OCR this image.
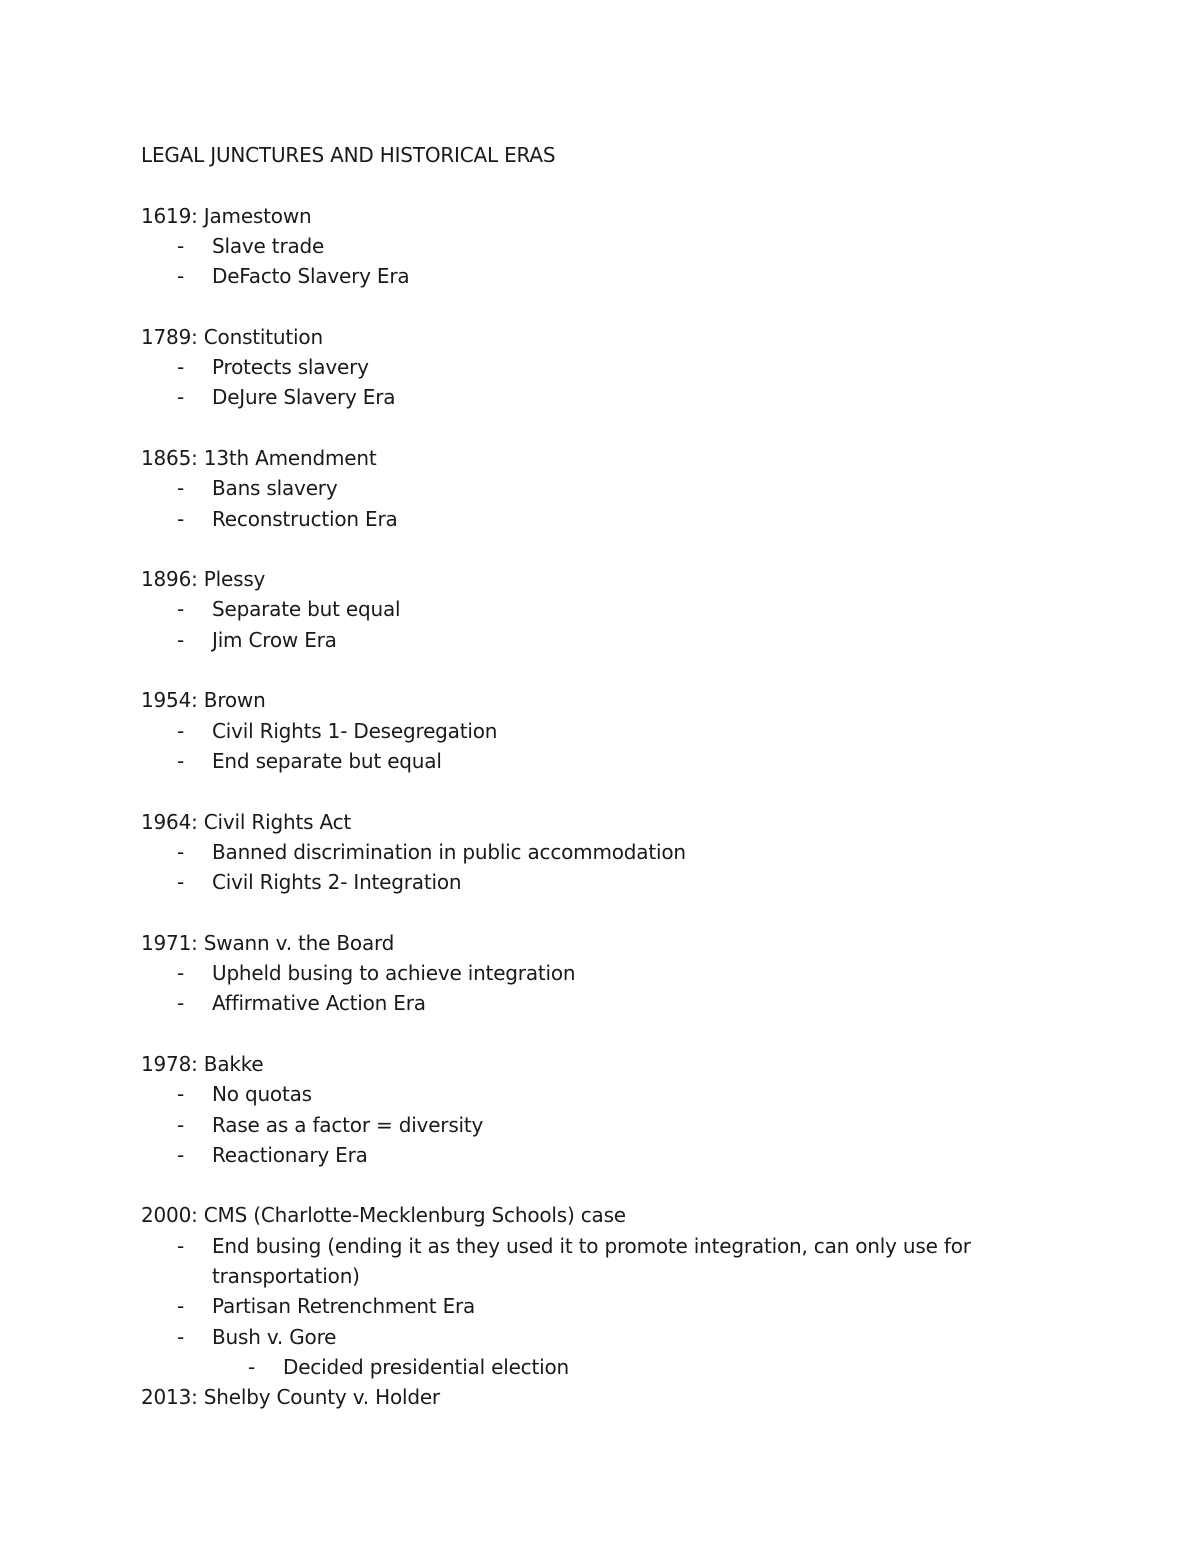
LEGAL JUNCTURES AND HISTORICAL ERAS
1619: Jamestown
- Slave trade
- DeFacto Slavery Era
1789: Constitution
- Protects slavery
- DeJure Slavery Era
1865: 13th Amendment
- Bans slavery
- Reconstruction Era
1896: Plessy
- Separate but equal
- Jim Crow Era
1954: Brown
- Civil Rights 1- Desegregation
- End separate but equal
1964: Civil Rights Act
- Banned discrimination in public accommodation
- Civil Rights 2- Integration
1971: Swann v. the Board
- Upheld busing to achieve integration
- Affirmative Action Era
1978: Bakke
- No quotas
- Rase as a factor = diversity
- Reactionary Era
2000: CMS (Charlotte-Mecklenburg Schools) case
- End busing (ending it as they used it to promote integration, can only use for transportation)
- Partisan Retrenchment Era
- Bush v. Gore
- Decided presidential election
2013: Shelby County v. Holder
